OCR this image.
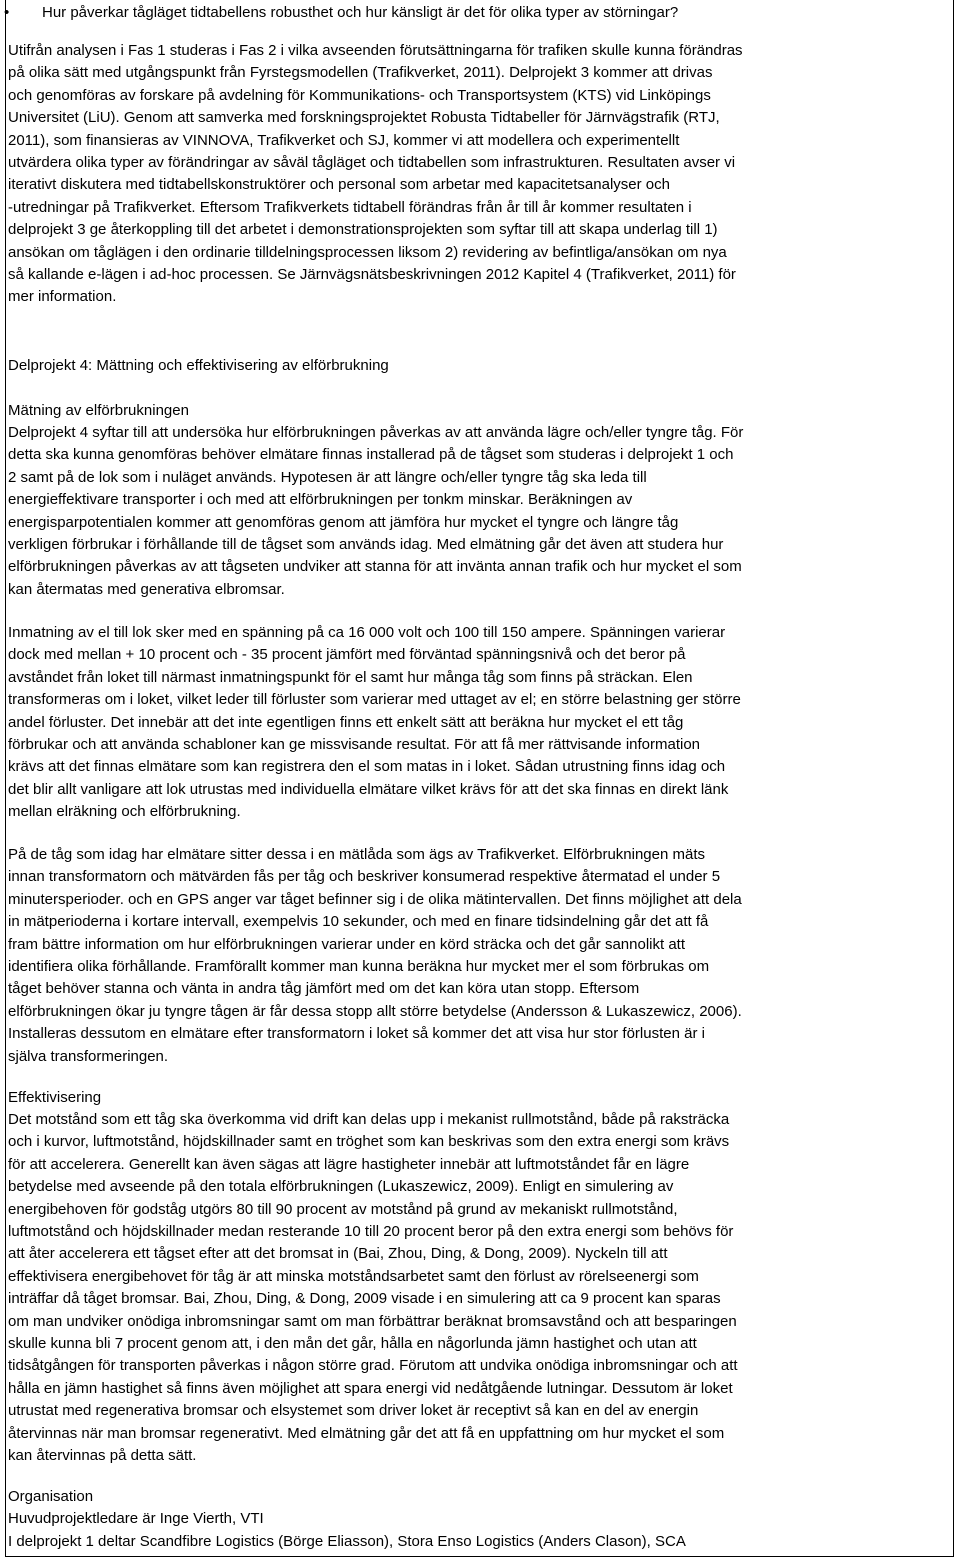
• Hur påverkar tågläget tidtabellens robusthet och hur känsligt är det för olika typer av störningar?
Utifrån analysen i Fas 1 studeras i Fas 2 i vilka avseenden förutsättningarna för trafiken skulle kunna förändras
på olika sätt med utgångspunkt från Fyrstegsmodellen (Trafikverket, 2011). Delprojekt 3 kommer att drivas
och genomföras av forskare på avdelning för Kommunikations- och Transportsystem (KTS) vid Linköpings
Universitet (LiU). Genom att samverka med forskningsprojektet Robusta Tidtabeller för Järnvägstrafik (RTJ,
2011), som finansieras av VINNOVA, Trafikverket och SJ, kommer vi att modellera och experimentellt
utvärdera olika typer av förändringar av såväl tågläget och tidtabellen som infrastrukturen. Resultaten avser vi
iterativt diskutera med tidtabellskonstruktörer och personal som arbetar med kapacitetsanalyser och
-utredningar på Trafikverket. Eftersom Trafikverkets tidtabell förändras från år till år kommer resultaten i
delprojekt 3 ge återkoppling till det arbetet i demonstrationsprojekten som syftar till att skapa underlag till 1)
ansökan om tåglägen i den ordinarie tilldelningsprocessen liksom 2) revidering av befintliga/ansökan om nya
så kallande e-lägen i ad-hoc processen. Se Järnvägsnätsbeskrivningen 2012 Kapitel 4 (Trafikverket, 2011) för
mer information.
Delprojekt 4: Mättning och effektivisering av elförbrukning
Mätning av elförbrukningen
Delprojekt 4 syftar till att undersöka hur elförbrukningen påverkas av att använda lägre och/eller tyngre tåg. För
detta ska kunna genomföras behöver elmätare finnas installerad på de tågset som studeras i delprojekt 1 och
2 samt på de lok som i nuläget används. Hypotesen är att längre och/eller tyngre tåg ska leda till
energieffektivare transporter i och med att elförbrukningen per tonkm minskar. Beräkningen av
energisparpotentialen kommer att genomföras genom att jämföra hur mycket el tyngre och längre tåg
verkligen förbrukar i förhållande till de tågset som används idag. Med elmätning går det även att studera hur
elförbrukningen påverkas av att tågseten undviker att stanna för att invänta annan trafik och hur mycket el som
kan återmatas med generativa elbromsar.
Inmatning av el till lok sker med en spänning på ca 16 000 volt och 100 till 150 ampere. Spänningen varierar
dock med mellan + 10 procent och - 35 procent jämfört med förväntad spänningsnivå och det beror på
avståndet från loket till närmast inmatningspunkt för el samt hur många tåg som finns på sträckan. Elen
transformeras om i loket, vilket leder till förluster som varierar med uttaget av el; en större belastning ger större
andel förluster. Det innebär att det inte egentligen finns ett enkelt sätt att beräkna hur mycket el ett tåg
förbrukar och att använda schabloner kan ge missvisande resultat. För att få mer rättvisande information
krävs att det finnas elmätare som kan registrera den el som matas in i loket. Sådan utrustning finns idag och
det blir allt vanligare att lok utrustas med individuella elmätare vilket krävs för att det ska finnas en direkt länk
mellan elräkning och elförbrukning.
På de tåg som idag har elmätare sitter dessa i en mätlåda som ägs av Trafikverket. Elförbrukningen mäts
innan transformatorn och mätvärden fås per tåg och beskriver konsumerad respektive återmatad el under 5
minutersperioder. och en GPS anger var tåget befinner sig i de olika mätintervallen. Det finns möjlighet att dela
in mätperioderna i kortare intervall, exempelvis 10 sekunder, och med en finare tidsindelning går det att få
fram bättre information om hur elförbrukningen varierar under en körd sträcka och det går sannolikt att
identifiera olika förhållande. Framförallt kommer man kunna beräkna hur mycket mer el som förbrukas om
tåget behöver stanna och vänta in andra tåg jämfört med om det kan köra utan stopp. Eftersom
elförbrukningen ökar ju tyngre tågen är får dessa stopp allt större betydelse (Andersson & Lukaszewicz, 2006).
Installeras dessutom en elmätare efter transformatorn i loket så kommer det att visa hur stor förlusten är i
själva transformeringen.
Effektivisering
Det motstånd som ett tåg ska överkomma vid drift kan delas upp i mekanist rullmotstånd, både på raksträcka
och i kurvor, luftmotstånd, höjdskillnader samt en tröghet som kan beskrivas som den extra energi som krävs
för att accelerera. Generellt kan även sägas att lägre hastigheter innebär att luftmotståndet får en lägre
betydelse med avseende på den totala elförbrukningen (Lukaszewicz, 2009). Enligt en simulering av
energibehoven för godståg utgörs 80 till 90 procent av motstånd på grund av mekaniskt rullmotstånd,
luftmotstånd och höjdskillnader medan resterande 10 till 20 procent beror på den extra energi som behövs för
att åter accelerera ett tågset efter att det bromsat in (Bai, Zhou, Ding, & Dong, 2009). Nyckeln till att
effektivisera energibehovet för tåg är att minska motståndsarbetet samt den förlust av rörelseenergi som
inträffar då tåget bromsar. Bai, Zhou, Ding, & Dong, 2009 visade i en simulering att ca 9 procent kan sparas
om man undviker onödiga inbromsningar samt om man förbättrar beräknat bromsavstånd och att besparingen
skulle kunna bli 7 procent genom att, i den mån det går, hålla en någorlunda jämn hastighet och utan att
tidsåtgången för transporten påverkas i någon större grad. Förutom att undvika onödiga inbromsningar och att
hålla en jämn hastighet så finns även möjlighet att spara energi vid nedåtgående lutningar. Dessutom är loket
utrustat med regenerativa bromsar och elsystemet som driver loket är receptivt så kan en del av energin
återvinnas när man bromsar regenerativt. Med elmätning går det att få en uppfattning om hur mycket el som
kan återvinnas på detta sätt.
Organisation
Huvudprojektledare är Inge Vierth, VTI
I delprojekt 1 deltar Scandfibre Logistics (Börge Eliasson), Stora Enso Logistics (Anders Clason), SCA
